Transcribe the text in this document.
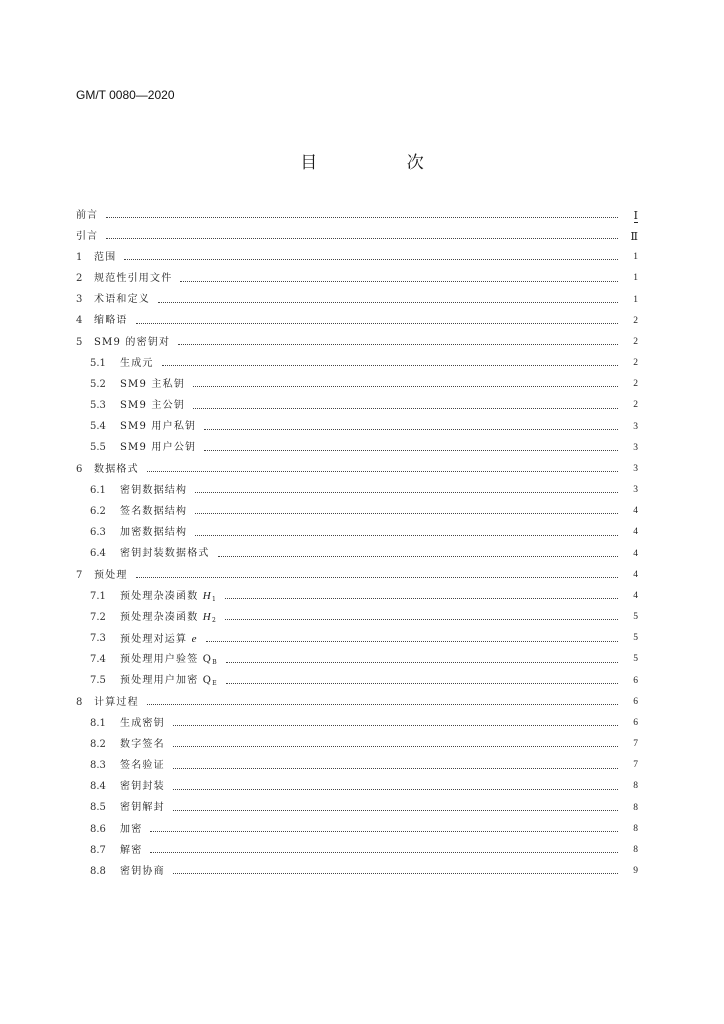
GM/T 0080—2020
目 次
前言	Ⅰ
引言	Ⅱ
1	范围	1
2	规范性引用文件	1
3	术语和定义	1
4	缩略语	2
5	SM9 的密钥对	2
5.1	生成元	2
5.2	SM9 主私钥	2
5.3	SM9 主公钥	2
5.4	SM9 用户私钥	3
5.5	SM9 用户公钥	3
6	数据格式	3
6.1	密钥数据结构	3
6.2	签名数据结构	4
6.3	加密数据结构	4
6.4	密钥封装数据格式	4
7	预处理	4
7.1	预处理杂凑函数 $H_1$	4
7.2	预处理杂凑函数 $H_2$	5
7.3	预处理对运算 e	5
7.4	预处理用户验签 $Q_B$	5
7.5	预处理用户加密 $Q_E$	6
8	计算过程	6
8.1	生成密钥	6
8.2	数字签名	7
8.3	签名验证	7
8.4	密钥封装	8
8.5	密钥解封	8
8.6	加密	8
8.7	解密	8
8.8	密钥协商	9
